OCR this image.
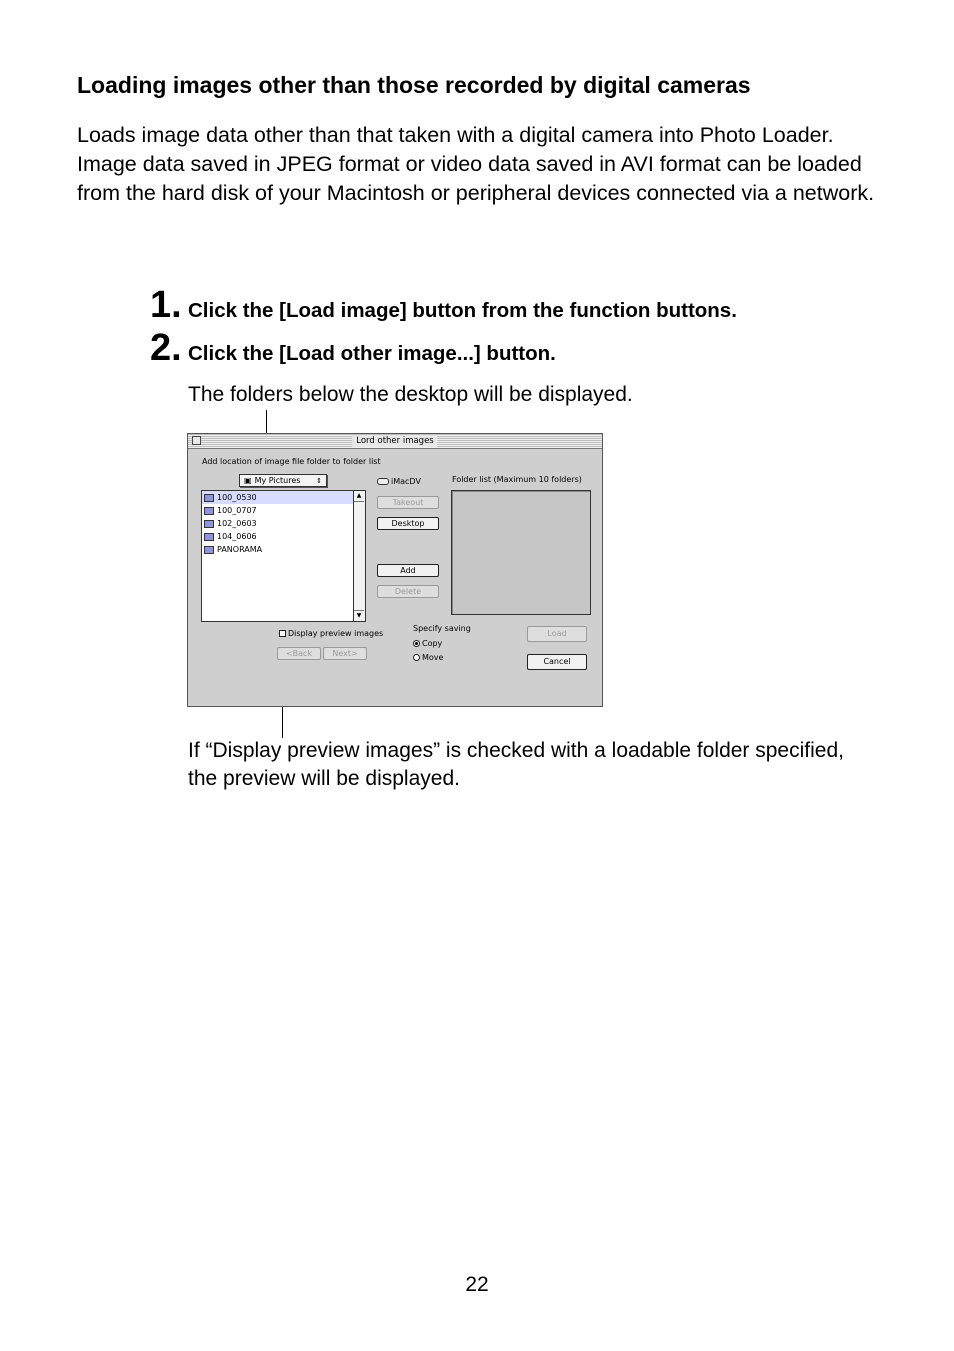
Loading images other than those recorded by digital cameras

Loads image data other than that taken with a digital camera into Photo Loader.

Image data saved in JPEG format or video data saved in AVI format can be loaded from the hard disk of your Macintosh or peripheral devices connected via a network.

1. Click the [Load image] button from the function buttons.
2. Click the [Load other image...] button.

The folders below the desktop will be displayed.

Lord other images
Add location of image file folder to folder list
▣ My Pictures ⇕
100_0530
100_0707
102_0603
104_0606
PANORAMA
▲
▼
iMacDV
Takeout
Desktop
Add
Delete
Folder list (Maximum 10 folders)
Display preview images
<Back	Next>
Specify saving
Copy
Move
Load
Cancel

If “Display preview images” is checked with a loadable folder specified, the preview will be displayed.

22
